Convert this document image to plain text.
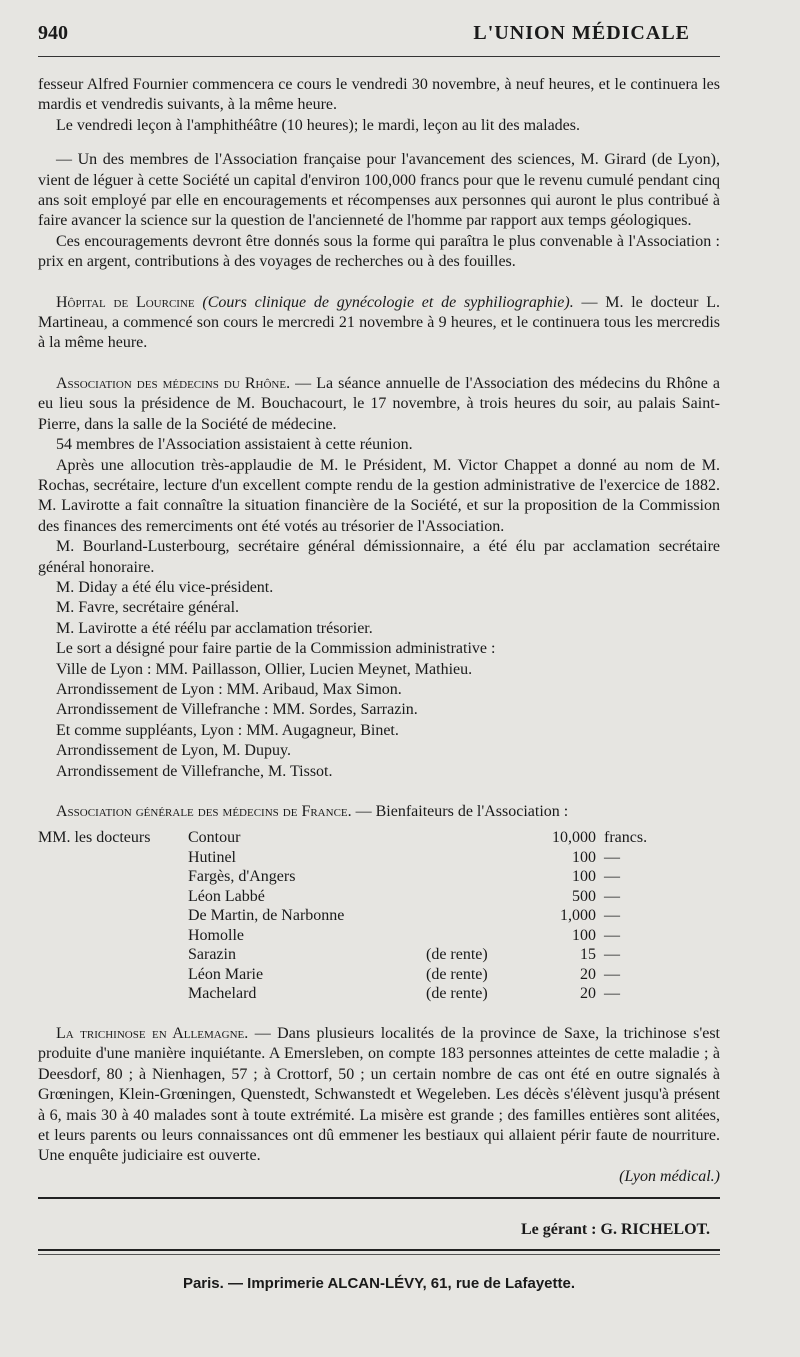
940	L'UNION MÉDICALE

fesseur Alfred Fournier commencera ce cours le vendredi 30 novembre, à neuf heures, et le continuera les mardis et vendredis suivants, à la même heure.

Le vendredi leçon à l'amphithéâtre (10 heures); le mardi, leçon au lit des malades.

— Un des membres de l'Association française pour l'avancement des sciences, M. Girard (de Lyon), vient de léguer à cette Société un capital d'environ 100,000 francs pour que le revenu cumulé pendant cinq ans soit employé par elle en encouragements et récompenses aux personnes qui auront le plus contribué à faire avancer la science sur la question de l'ancienneté de l'homme par rapport aux temps géologiques.

Ces encouragements devront être donnés sous la forme qui paraîtra le plus convenable à l'Association : prix en argent, contributions à des voyages de recherches ou à des fouilles.

Hôpital de Lourcine (Cours clinique de gynécologie et de syphiliographie). — M. le docteur L. Martineau, a commencé son cours le mercredi 21 novembre à 9 heures, et le continuera tous les mercredis à la même heure.

Association des médecins du Rhône. — La séance annuelle de l'Association des médecins du Rhône a eu lieu sous la présidence de M. Bouchacourt, le 17 novembre, à trois heures du soir, au palais Saint-Pierre, dans la salle de la Société de médecine.

54 membres de l'Association assistaient à cette réunion.

Après une allocution très-applaudie de M. le Président, M. Victor Chappet a donné au nom de M. Rochas, secrétaire, lecture d'un excellent compte rendu de la gestion administrative de l'exercice de 1882. M. Lavirotte a fait connaître la situation financière de la Société, et sur la proposition de la Commission des finances des remerciments ont été votés au trésorier de l'Association.

M. Bourland-Lusterbourg, secrétaire général démissionnaire, a été élu par acclamation secrétaire général honoraire.

M. Diday a été élu vice-président.

M. Favre, secrétaire général.

M. Lavirotte a été réélu par acclamation trésorier.

Le sort a désigné pour faire partie de la Commission administrative :

Ville de Lyon : MM. Paillasson, Ollier, Lucien Meynet, Mathieu.

Arrondissement de Lyon : MM. Aribaud, Max Simon.

Arrondissement de Villefranche : MM. Sordes, Sarrazin.

Et comme suppléants, Lyon : MM. Augagneur, Binet.

Arrondissement de Lyon, M. Dupuy.

Arrondissement de Villefranche, M. Tissot.

Association générale des médecins de France. — Bienfaiteurs de l'Association :

MM. les docteurs	Contour	10,000 francs.
Hutinel	100 —
Fargès, d'Angers	100 —
Léon Labbé	500 —
De Martin, de Narbonne	1,000 —
Homolle	100 —
Sarazin	(de rente)	15 —
Léon Marie	(de rente)	20 —
Machelard	(de rente)	20 —

La trichinose en Allemagne. — Dans plusieurs localités de la province de Saxe, la trichinose s'est produite d'une manière inquiétante. A Emersleben, on compte 183 personnes atteintes de cette maladie ; à Deesdorf, 80 ; à Nienhagen, 57 ; à Crottorf, 50 ; un certain nombre de cas ont été en outre signalés à Grœningen, Klein-Grœningen, Quenstedt, Schwanstedt et Wegeleben. Les décès s'élèvent jusqu'à présent à 6, mais 30 à 40 malades sont à toute extrémité. La misère est grande ; des familles entières sont alitées, et leurs parents ou leurs connaissances ont dû emmener les bestiaux qui allaient périr faute de nourriture. Une enquête judiciaire est ouverte.

(Lyon médical.)

Le gérant : G. RICHELOT.
Paris. — Imprimerie ALCAN-LÉVY, 61, rue de Lafayette.
